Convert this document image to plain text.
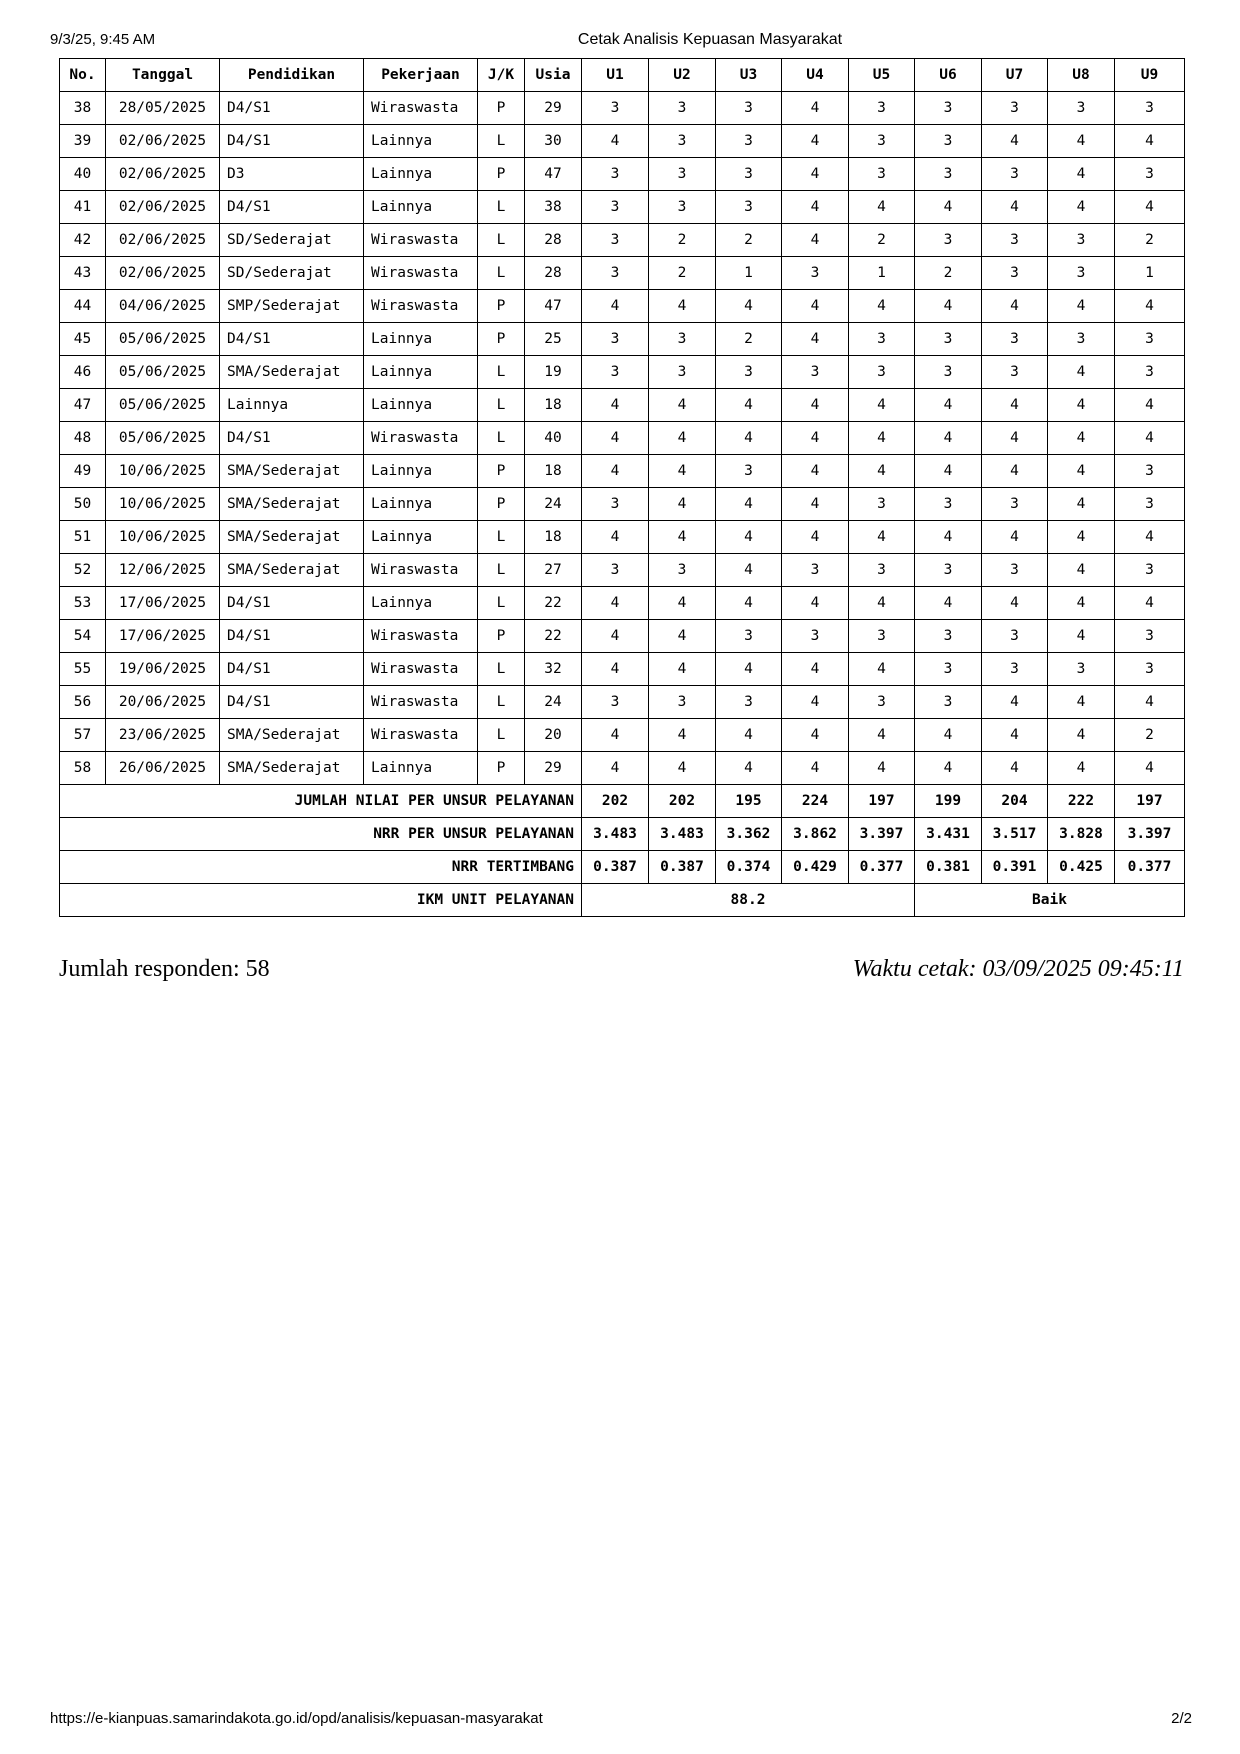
9/3/25, 9:45 AM	Cetak Analisis Kepuasan Masyarakat
No.	Tanggal	Pendidikan	Pekerjaan	J/K	Usia	U1	U2	U3	U4	U5	U6	U7	U8	U9
38	28/05/2025	D4/S1	Wiraswasta	P	29	3	3	3	4	3	3	3	3	3
39	02/06/2025	D4/S1	Lainnya	L	30	4	3	3	4	3	3	4	4	4
40	02/06/2025	D3	Lainnya	P	47	3	3	3	4	3	3	3	4	3
41	02/06/2025	D4/S1	Lainnya	L	38	3	3	3	4	4	4	4	4	4
42	02/06/2025	SD/Sederajat	Wiraswasta	L	28	3	2	2	4	2	3	3	3	2
43	02/06/2025	SD/Sederajat	Wiraswasta	L	28	3	2	1	3	1	2	3	3	1
44	04/06/2025	SMP/Sederajat	Wiraswasta	P	47	4	4	4	4	4	4	4	4	4
45	05/06/2025	D4/S1	Lainnya	P	25	3	3	2	4	3	3	3	3	3
46	05/06/2025	SMA/Sederajat	Lainnya	L	19	3	3	3	3	3	3	3	4	3
47	05/06/2025	Lainnya	Lainnya	L	18	4	4	4	4	4	4	4	4	4
48	05/06/2025	D4/S1	Wiraswasta	L	40	4	4	4	4	4	4	4	4	4
49	10/06/2025	SMA/Sederajat	Lainnya	P	18	4	4	3	4	4	4	4	4	3
50	10/06/2025	SMA/Sederajat	Lainnya	P	24	3	4	4	4	3	3	3	4	3
51	10/06/2025	SMA/Sederajat	Lainnya	L	18	4	4	4	4	4	4	4	4	4
52	12/06/2025	SMA/Sederajat	Wiraswasta	L	27	3	3	4	3	3	3	3	4	3
53	17/06/2025	D4/S1	Lainnya	L	22	4	4	4	4	4	4	4	4	4
54	17/06/2025	D4/S1	Wiraswasta	P	22	4	4	3	3	3	3	3	4	3
55	19/06/2025	D4/S1	Wiraswasta	L	32	4	4	4	4	4	3	3	3	3
56	20/06/2025	D4/S1	Wiraswasta	L	24	3	3	3	4	3	3	4	4	4
57	23/06/2025	SMA/Sederajat	Wiraswasta	L	20	4	4	4	4	4	4	4	4	2
58	26/06/2025	SMA/Sederajat	Lainnya	P	29	4	4	4	4	4	4	4	4	4
JUMLAH NILAI PER UNSUR PELAYANAN						202	202	195	224	197	199	204	222	197
NRR PER UNSUR PELAYANAN						3.483	3.483	3.362	3.862	3.397	3.431	3.517	3.828	3.397
NRR TERTIMBANG						0.387	0.387	0.374	0.429	0.377	0.381	0.391	0.425	0.377
IKM UNIT PELAYANAN						88.2					Baik			
Jumlah responden: 58	Waktu cetak: 03/09/2025 09:45:11
https://e-kianpuas.samarindakota.go.id/opd/analisis/kepuasan-masyarakat	2/2
